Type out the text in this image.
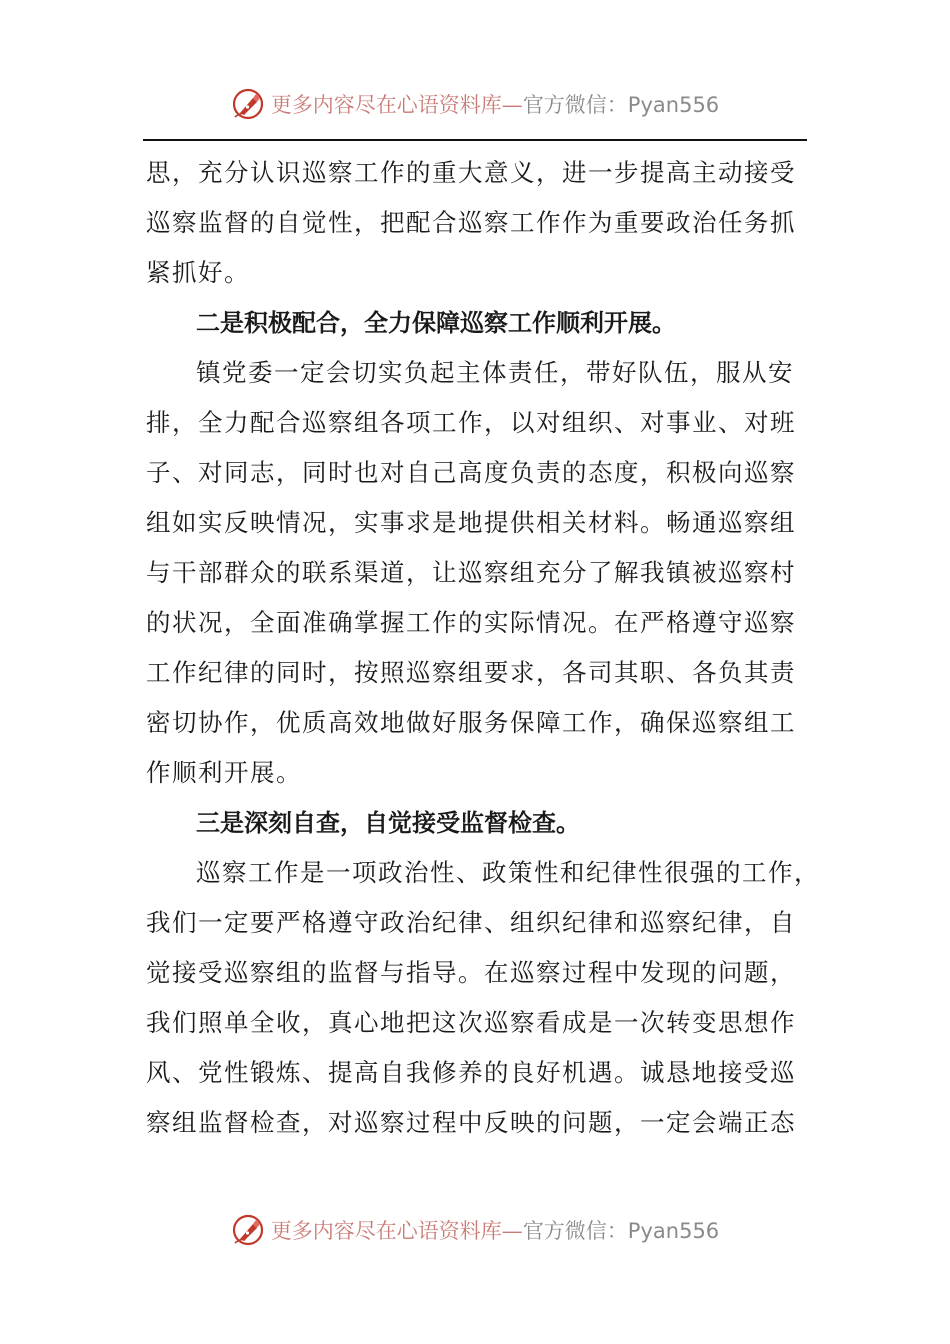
更多内容尽在心语资料库— 官方微信：Pyan556
思，充分认识巡察工作的重大意义，进一步提高主动接受
巡察监督的自觉性，把配合巡察工作作为重要政治任务抓
紧抓好。
二是积极配合，全力保障巡察工作顺利开展。
镇党委一定会切实负起主体责任，带好队伍，服从安
排，全力配合巡察组各项工作，以对组织、对事业、对班
子、对同志，同时也对自己高度负责的态度，积极向巡察
组如实反映情况，实事求是地提供相关材料。畅通巡察组
与干部群众的联系渠道，让巡察组充分了解我镇被巡察村
的状况，全面准确掌握工作的实际情况。在严格遵守巡察
工作纪律的同时，按照巡察组要求，各司其职、各负其责
密切协作，优质高效地做好服务保障工作，确保巡察组工
作顺利开展。
三是深刻自查，自觉接受监督检查。
巡察工作是一项政治性、政策性和纪律性很强的工作，
我们一定要严格遵守政治纪律、组织纪律和巡察纪律，自
觉接受巡察组的监督与指导。在巡察过程中发现的问题，
我们照单全收，真心地把这次巡察看成是一次转变思想作
风、党性锻炼、提高自我修养的良好机遇。诚恳地接受巡
察组监督检查，对巡察过程中反映的问题，一定会端正态
更多内容尽在心语资料库— 官方微信：Pyan556
